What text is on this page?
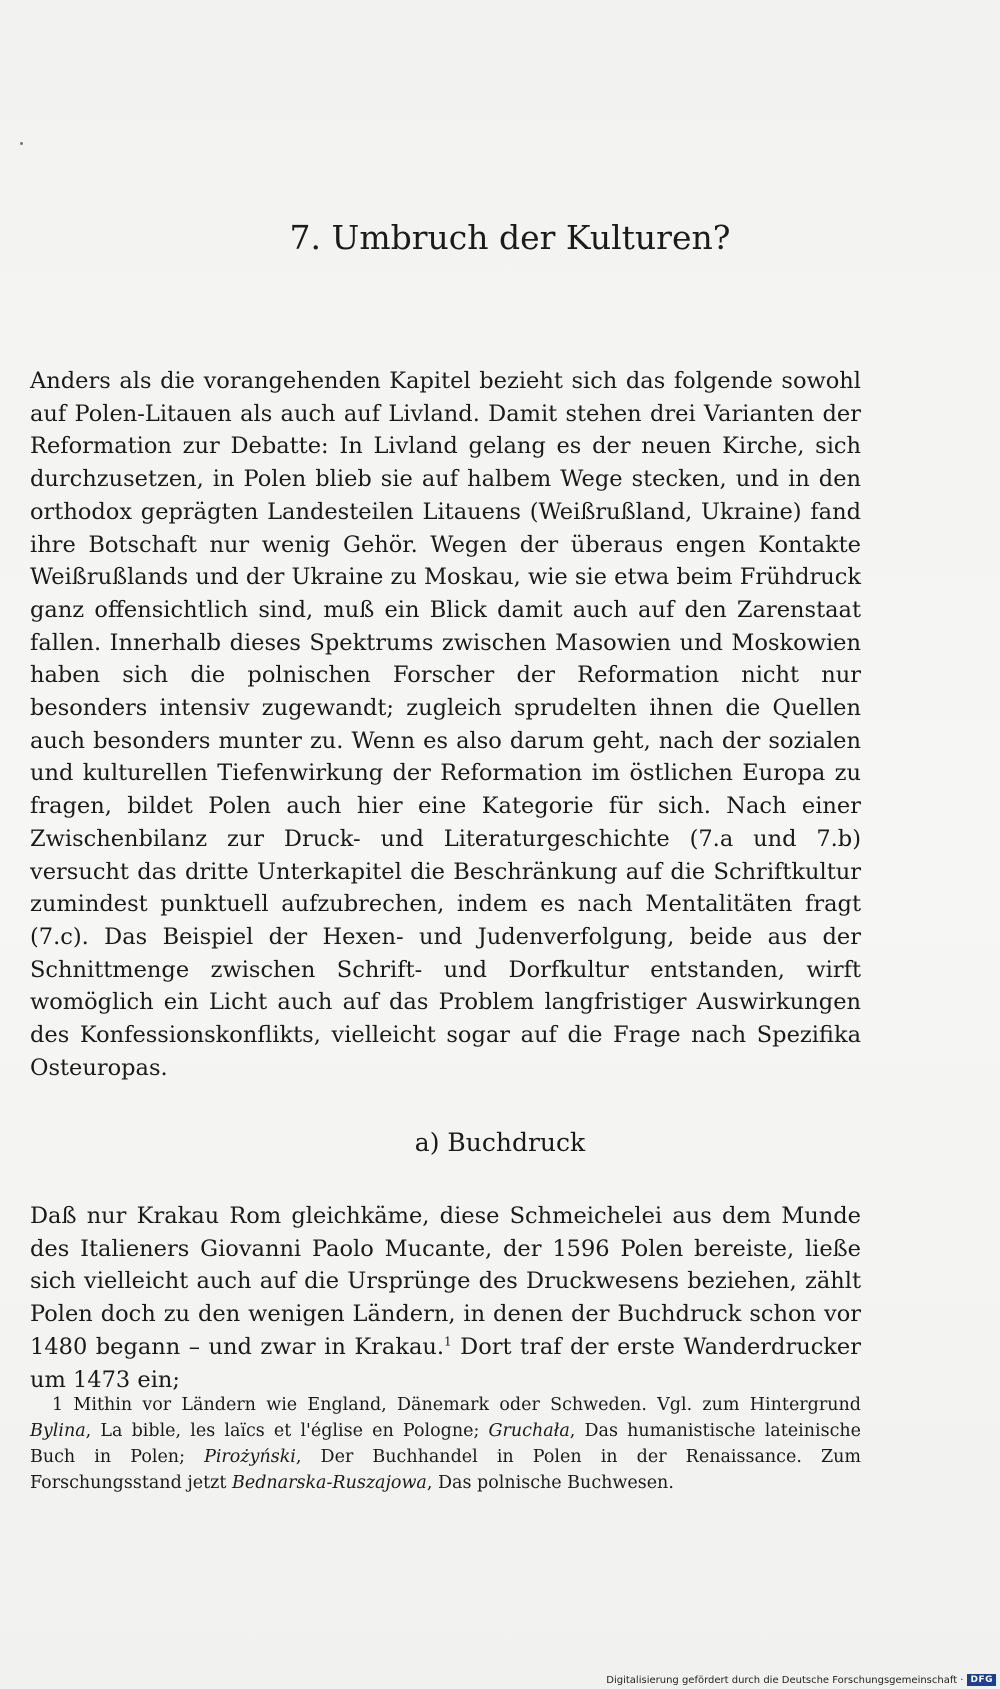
7. Umbruch der Kulturen?

Anders als die vorangehenden Kapitel bezieht sich das folgende sowohl auf Polen-Litauen als auch auf Livland. Damit stehen drei Varianten der Reformation zur Debatte: In Livland gelang es der neuen Kirche, sich durchzusetzen, in Polen blieb sie auf halbem Wege stecken, und in den orthodox geprägten Landesteilen Litauens (Weißrußland, Ukraine) fand ihre Botschaft nur wenig Gehör. Wegen der überaus engen Kontakte Weißrußlands und der Ukraine zu Moskau, wie sie etwa beim Frühdruck ganz offensichtlich sind, muß ein Blick damit auch auf den Zarenstaat fallen. Innerhalb dieses Spektrums zwischen Masowien und Moskowien haben sich die polnischen Forscher der Reformation nicht nur besonders intensiv zugewandt; zugleich sprudelten ihnen die Quellen auch besonders munter zu. Wenn es also darum geht, nach der sozialen und kulturellen Tiefenwirkung der Reformation im östlichen Europa zu fragen, bildet Polen auch hier eine Kategorie für sich. Nach einer Zwischenbilanz zur Druck- und Literaturgeschichte (7.a und 7.b) versucht das dritte Unterkapitel die Beschränkung auf die Schriftkultur zumindest punktuell aufzubrechen, indem es nach Mentalitäten fragt (7.c). Das Beispiel der Hexen- und Judenverfolgung, beide aus der Schnittmenge zwischen Schrift- und Dorfkultur entstanden, wirft womöglich ein Licht auch auf das Problem langfristiger Auswirkungen des Konfessionskonflikts, vielleicht sogar auf die Frage nach Spezifika Osteuropas.

a) Buchdruck

Daß nur Krakau Rom gleichkäme, diese Schmeichelei aus dem Munde des Italieners Giovanni Paolo Mucante, der 1596 Polen bereiste, ließe sich vielleicht auch auf die Ursprünge des Druckwesens beziehen, zählt Polen doch zu den wenigen Ländern, in denen der Buchdruck schon vor 1480 begann – und zwar in Krakau.$^1$ Dort traf der erste Wanderdrucker um 1473 ein;

1 Mithin vor Ländern wie England, Dänemark oder Schweden. Vgl. zum Hintergrund Bylina, La bible, les laïcs et l'église en Pologne; Gruchała, Das humanistische lateinische Buch in Polen; Pirożyński, Der Buchhandel in Polen in der Renaissance. Zum Forschungsstand jetzt Bednarska-Ruszajowa, Das polnische Buchwesen.

Digitalisierung gefördert durch die Deutsche Forschungsgemeinschaft · DFG
